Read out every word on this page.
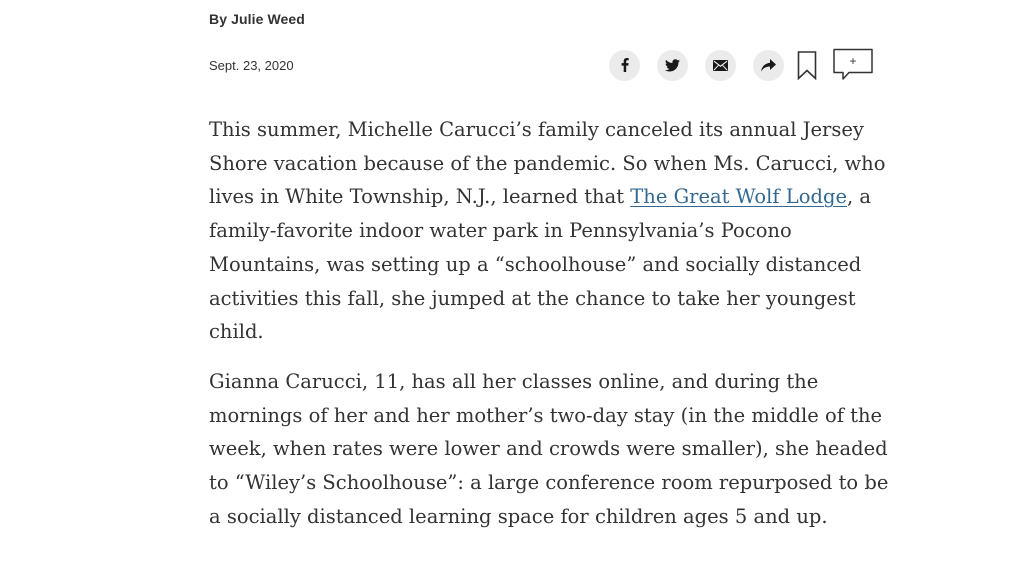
By Julie Weed
Sept. 23, 2020	+

This summer, Michelle Carucci’s family canceled its annual Jersey Shore vacation because of the pandemic. So when Ms. Carucci, who lives in White Township, N.J., learned that The Great Wolf Lodge, a family-favorite indoor water park in Pennsylvania’s Pocono Mountains, was setting up a “schoolhouse” and socially distanced activities this fall, she jumped at the chance to take her youngest child.

Gianna Carucci, 11, has all her classes online, and during the mornings of her and her mother’s two-day stay (in the middle of the week, when rates were lower and crowds were smaller), she headed to “Wiley’s Schoolhouse”: a large conference room repurposed to be a socially distanced learning space for children ages 5 and up.
